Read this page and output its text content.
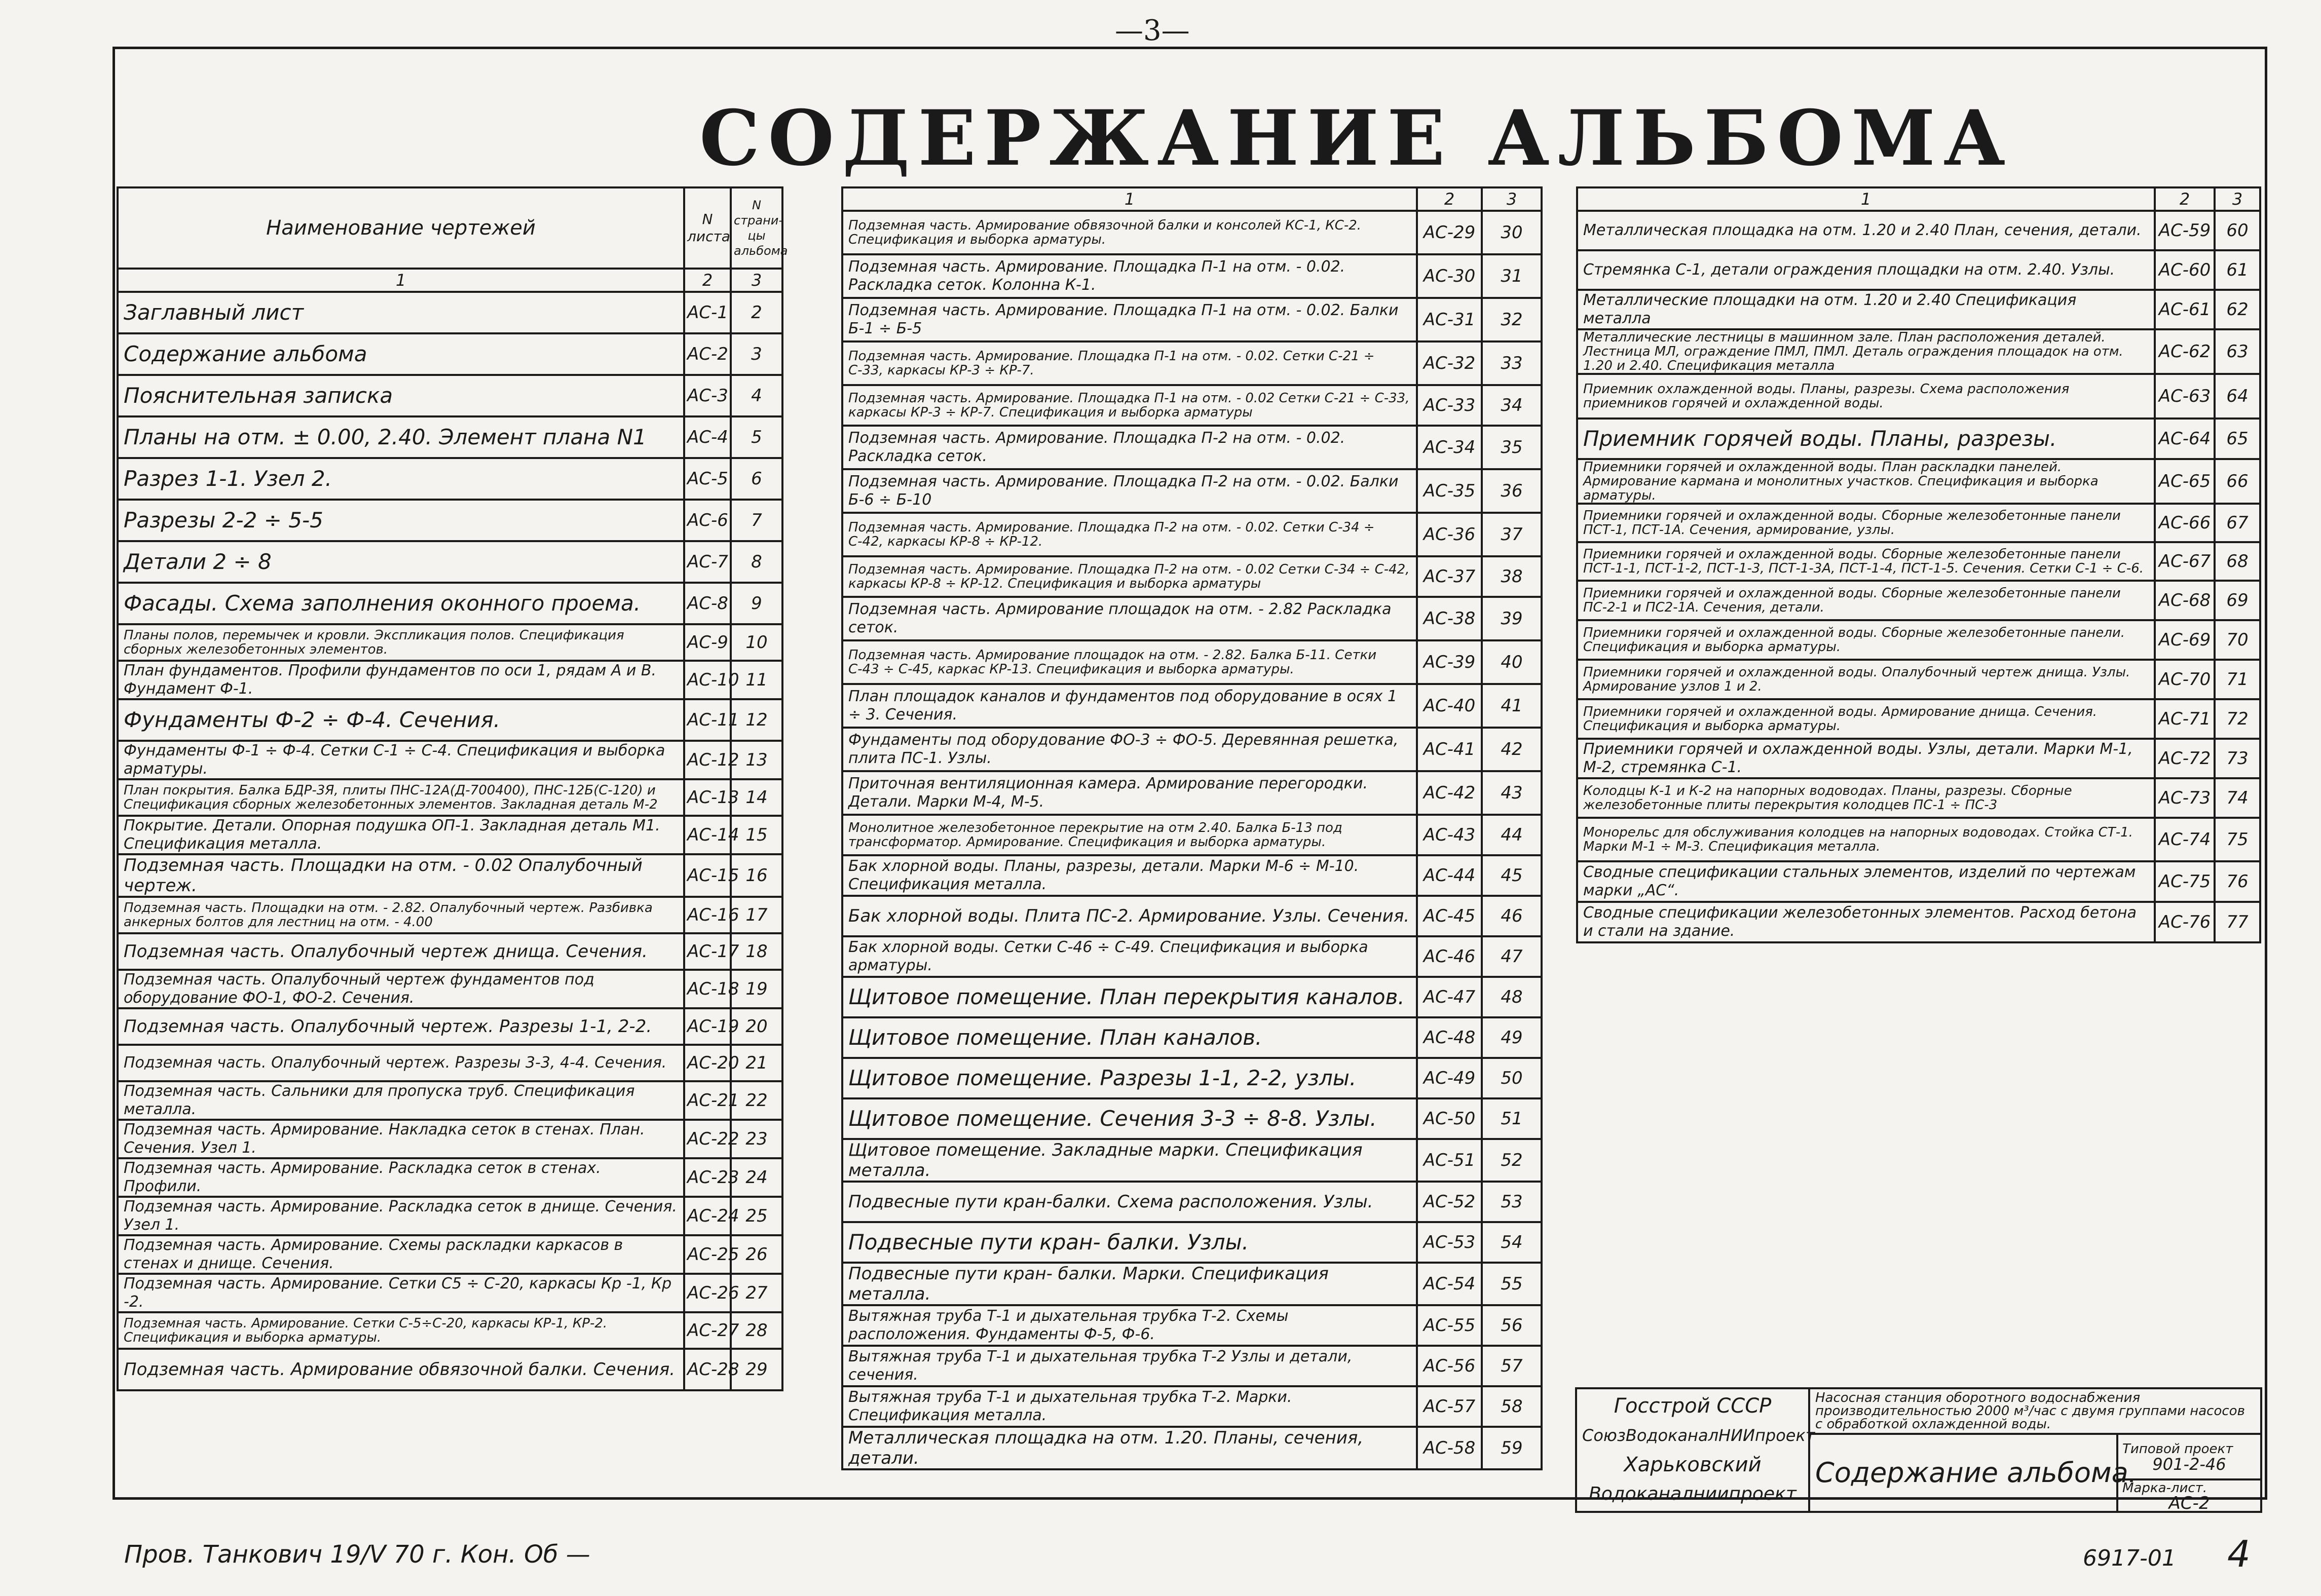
—3—
СОДЕРЖАНИЕ АЛЬБОМА
Наименование чертежей	N листа	N страни- цы альбома
1	2	3
Заглавный лист	АС-1	2
Содержание альбома	АС-2	3
Пояснительная записка	АС-3	4
Планы на отм. ± 0.00, 2.40. Элемент плана N1	АС-4	5
Разрез 1-1. Узел 2.	АС-5	6
Разрезы 2-2 ÷ 5-5	АС-6	7
Детали 2 ÷ 8	АС-7	8
Фасады. Схема заполнения оконного проема.	АС-8	9
Планы полов, перемычек и кровли. Экспликация полов. Спецификация сборных железобетонных элементов.	АС-9	10
План фундаментов. Профили фундаментов по оси 1, рядам А и В. Фундамент Ф-1.	АС-10	11
Фундаменты Ф-2 ÷ Ф-4. Сечения.	АС-11	12
Фундаменты Ф-1 ÷ Ф-4. Сетки С-1 ÷ С-4. Спецификация и выборка арматуры.	АС-12	13
План покрытия. Балка БДР-3Я, плиты ПНС-12А(Д-700400), ПНС-12Б(С-120) и Спецификация сборных железобетонных элементов. Закладная деталь М-2	АС-13	14
Покрытие. Детали. Опорная подушка ОП-1. Закладная деталь М1. Спецификация металла.	АС-14	15
Подземная часть. Площадки на отм. - 0.02 Опалубочный чертеж.	АС-15	16
Подземная часть. Площадки на отм. - 2.82. Опалубочный чертеж. Разбивка анкерных болтов для лестниц на отм. - 4.00	АС-16	17
Подземная часть. Опалубочный чертеж днища. Сечения.	АС-17	18
Подземная часть. Опалубочный чертеж фундаментов под оборудование ФО-1, ФО-2. Сечения.	АС-18	19
Подземная часть. Опалубочный чертеж. Разрезы 1-1, 2-2.	АС-19	20
Подземная часть. Опалубочный чертеж. Разрезы 3-3, 4-4. Сечения.	АС-20	21
Подземная часть. Сальники для пропуска труб. Спецификация металла.	АС-21	22
Подземная часть. Армирование. Накладка сеток в стенах. План. Сечения. Узел 1.	АС-22	23
Подземная часть. Армирование. Раскладка сеток в стенах. Профили.	АС-23	24
Подземная часть. Армирование. Раскладка сеток в днище. Сечения. Узел 1.	АС-24	25
Подземная часть. Армирование. Схемы раскладки каркасов в стенах и днище. Сечения.	АС-25	26
Подземная часть. Армирование. Сетки С5 ÷ С-20, каркасы Кр -1, Кр -2.	АС-26	27
Подземная часть. Армирование. Сетки С-5÷С-20, каркасы КР-1, КР-2. Спецификация и выборка арматуры.	АС-27	28
Подземная часть. Армирование обвязочной балки. Сечения.	АС-28	29
1	2	3
Подземная часть. Армирование обвязочной балки и консолей КС-1, КС-2. Спецификация и выборка арматуры.	АС-29	30
Подземная часть. Армирование. Площадка П-1 на отм. - 0.02. Раскладка сеток. Колонна К-1.	АС-30	31
Подземная часть. Армирование. Площадка П-1 на отм. - 0.02. Балки Б-1 ÷ Б-5	АС-31	32
Подземная часть. Армирование. Площадка П-1 на отм. - 0.02. Сетки С-21 ÷ С-33, каркасы КР-3 ÷ КР-7.	АС-32	33
Подземная часть. Армирование. Площадка П-1 на отм. - 0.02 Сетки С-21 ÷ С-33, каркасы КР-3 ÷ КР-7. Спецификация и выборка арматуры	АС-33	34
Подземная часть. Армирование. Площадка П-2 на отм. - 0.02. Раскладка сеток.	АС-34	35
Подземная часть. Армирование. Площадка П-2 на отм. - 0.02. Балки Б-6 ÷ Б-10	АС-35	36
Подземная часть. Армирование. Площадка П-2 на отм. - 0.02. Сетки С-34 ÷ С-42, каркасы КР-8 ÷ КР-12.	АС-36	37
Подземная часть. Армирование. Площадка П-2 на отм. - 0.02 Сетки С-34 ÷ С-42, каркасы КР-8 ÷ КР-12. Спецификация и выборка арматуры	АС-37	38
Подземная часть. Армирование площадок на отм. - 2.82 Раскладка сеток.	АС-38	39
Подземная часть. Армирование площадок на отм. - 2.82. Балка Б-11. Сетки С-43 ÷ С-45, каркас КР-13. Спецификация и выборка арматуры.	АС-39	40
План площадок каналов и фундаментов под оборудование в осях 1 ÷ 3. Сечения.	АС-40	41
Фундаменты под оборудование ФО-3 ÷ ФО-5. Деревянная решетка, плита ПС-1. Узлы.	АС-41	42
Приточная вентиляционная камера. Армирование перегородки. Детали. Марки М-4, М-5.	АС-42	43
Монолитное железобетонное перекрытие на отм 2.40. Балка Б-13 под трансформатор. Армирование. Спецификация и выборка арматуры.	АС-43	44
Бак хлорной воды. Планы, разрезы, детали. Марки М-6 ÷ М-10. Спецификация металла.	АС-44	45
Бак хлорной воды. Плита ПС-2. Армирование. Узлы. Сечения.	АС-45	46
Бак хлорной воды. Сетки С-46 ÷ С-49. Спецификация и выборка арматуры.	АС-46	47
Щитовое помещение. План перекрытия каналов.	АС-47	48
Щитовое помещение. План каналов.	АС-48	49
Щитовое помещение. Разрезы 1-1, 2-2, узлы.	АС-49	50
Щитовое помещение. Сечения 3-3 ÷ 8-8. Узлы.	АС-50	51
Щитовое помещение. Закладные марки. Спецификация металла.	АС-51	52
Подвесные пути кран-балки. Схема расположения. Узлы.	АС-52	53
Подвесные пути кран- балки. Узлы.	АС-53	54
Подвесные пути кран- балки. Марки. Спецификация металла.	АС-54	55
Вытяжная труба Т-1 и дыхательная трубка Т-2. Схемы расположения. Фундаменты Ф-5, Ф-6.	АС-55	56
Вытяжная труба Т-1 и дыхательная трубка Т-2 Узлы и детали, сечения.	АС-56	57
Вытяжная труба Т-1 и дыхательная трубка Т-2. Марки. Спецификация металла.	АС-57	58
Металлическая площадка на отм. 1.20. Планы, сечения, детали.	АС-58	59
1	2	3
Металлическая площадка на отм. 1.20 и 2.40 План, сечения, детали.	АС-59	60
Стремянка С-1, детали ограждения площадки на отм. 2.40. Узлы.	АС-60	61
Металлические площадки на отм. 1.20 и 2.40 Спецификация металла	АС-61	62
Металлические лестницы в машинном зале. План расположения деталей. Лестница МЛ, ограждение ПМЛ, ПМЛ. Деталь ограждения площадок на отм. 1.20 и 2.40. Спецификация металла	АС-62	63
Приемник охлажденной воды. Планы, разрезы. Схема расположения приемников горячей и охлажденной воды.	АС-63	64
Приемник горячей воды. Планы, разрезы.	АС-64	65
Приемники горячей и охлажденной воды. План раскладки панелей. Армирование кармана и монолитных участков. Спецификация и выборка арматуры.	АС-65	66
Приемники горячей и охлажденной воды. Сборные железобетонные панели ПСТ-1, ПСТ-1А. Сечения, армирование, узлы.	АС-66	67
Приемники горячей и охлажденной воды. Сборные железобетонные панели ПСТ-1-1, ПСТ-1-2, ПСТ-1-3, ПСТ-1-3А, ПСТ-1-4, ПСТ-1-5. Сечения. Сетки С-1 ÷ С-6.	АС-67	68
Приемники горячей и охлажденной воды. Сборные железобетонные панели ПС-2-1 и ПС2-1А. Сечения, детали.	АС-68	69
Приемники горячей и охлажденной воды. Сборные железобетонные панели. Спецификация и выборка арматуры.	АС-69	70
Приемники горячей и охлажденной воды. Опалубочный чертеж днища. Узлы. Армирование узлов 1 и 2.	АС-70	71
Приемники горячей и охлажденной воды. Армирование днища. Сечения. Спецификация и выборка арматуры.	АС-71	72
Приемники горячей и охлажденной воды. Узлы, детали. Марки М-1, М-2, стремянка С-1.	АС-72	73
Колодцы К-1 и К-2 на напорных водоводах. Планы, разрезы. Сборные железобетонные плиты перекрытия колодцев ПС-1 ÷ ПС-3	АС-73	74
Монорельс для обслуживания колодцев на напорных водоводах. Стойка СТ-1. Марки М-1 ÷ М-3. Спецификация металла.	АС-74	75
Сводные спецификации стальных элементов, изделий по чертежам марки „АС“.	АС-75	76
Сводные спецификации железобетонных элементов. Расход бетона и стали на здание.	АС-76	77
Госстрой СССР
СоюзВодоканалНИИпроект
Харьковский
Водоканалниипроект	Насосная станция оборотного водоснабжения производительностью 2000 м³/час с двумя группами насосов с обработкой охлажденной воды.	
	Содержание альбома.	Типовой проект
901-2-46

		Марка-лист.
АС-2
Пров. Танкович 19/V 70 г. Кон. Об —	6917-01 4
